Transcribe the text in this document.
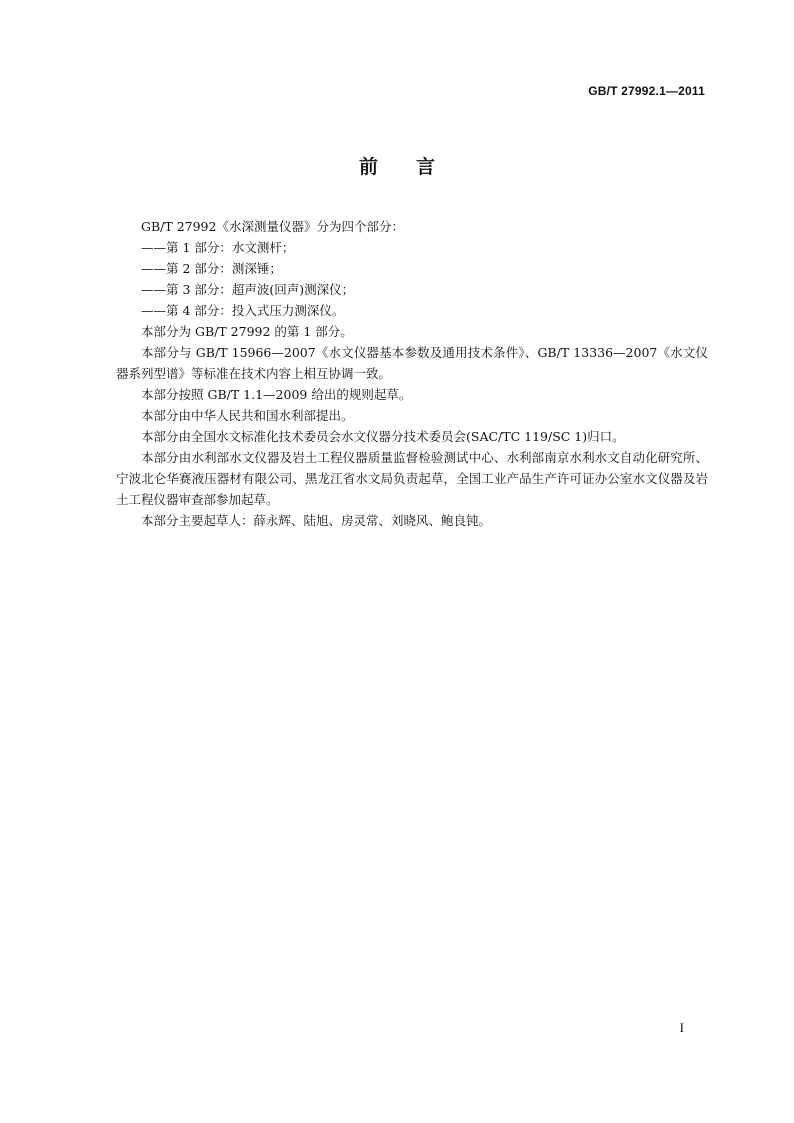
GB/T 27992.1—2011
前言

GB/T 27992《水深测量仪器》分为四个部分：

——第 1 部分：水文测杆；

——第 2 部分：测深锤；

——第 3 部分：超声波(回声)测深仪；

——第 4 部分：投入式压力测深仪。

本部分为 GB/T 27992 的第 1 部分。

本部分与 GB/T 15966—2007《水文仪器基本参数及通用技术条件》、GB/T 13336—2007《水文仪器系列型谱》等标准在技术内容上相互协调一致。

本部分按照 GB/T 1.1—2009 给出的规则起草。

本部分由中华人民共和国水利部提出。

本部分由全国水文标准化技术委员会水文仪器分技术委员会(SAC/TC 119/SC 1)归口。

本部分由水利部水文仪器及岩土工程仪器质量监督检验测试中心、水利部南京水利水文自动化研究所、宁波北仑华赛液压器材有限公司、黑龙江省水文局负责起草，全国工业产品生产许可证办公室水文仪器及岩土工程仪器审查部参加起草。

本部分主要起草人：薛永辉、陆旭、房灵常、刘晓风、鲍良钝。

I
